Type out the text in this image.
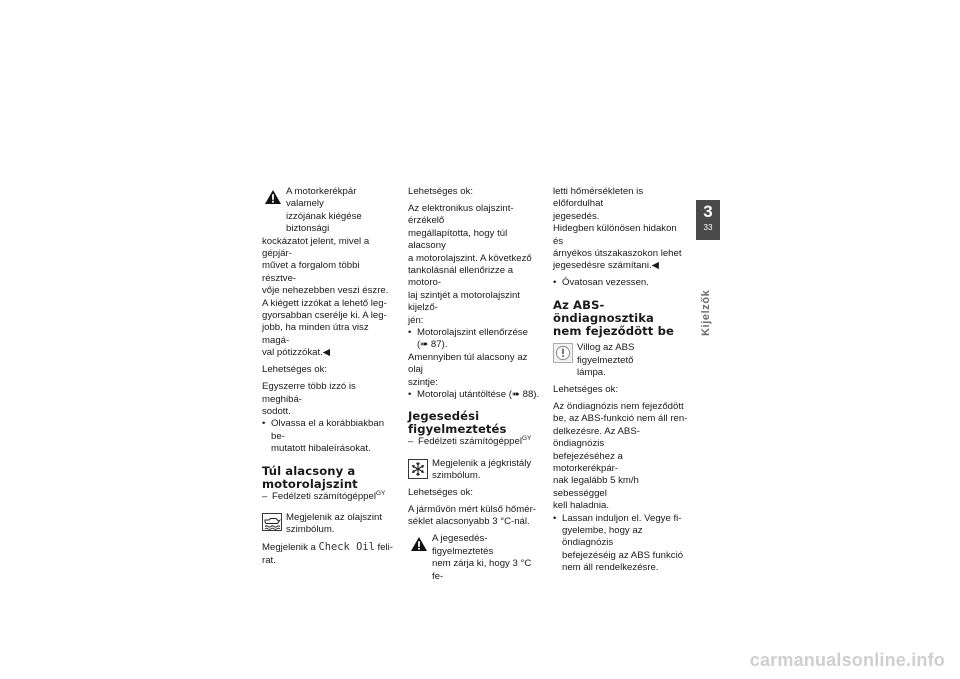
A motorkerékpár valamely

izzójának kiégése biztonsági

kockázatot jelent, mivel a gépjár-

művet a forgalom többi résztve-

vője nehezebben veszi észre.

A kiégett izzókat a lehető leg-

gyorsabban cserélje ki. A leg-

jobb, ha minden útra visz magá-

val pótizzókat.◀

Lehetséges ok:

Egyszerre több izzó is meghibá-

sodott.

• Olvassa el a korábbiakban be-

mutatott hibaleírásokat.

Túl alacsony a
motorolajszint

– Fedélzeti számítógéppel$^{GY}$

Megjelenik az olajszint

szimbólum.

Megjelenik a Check Oil feli-

rat.

Lehetséges ok:

Az elektronikus olajszint-érzékelő

megállapította, hogy túl alacsony

a motorolajszint. A következő

tankolásnál ellenőrizze a motoro-

laj szintjét a motorolajszint kijelző-

jén:

• Motorolajszint ellenőrzése

(➠ 87).

Amennyiben túl alacsony az olaj

szintje:

• Motorolaj utántöltése (➠ 88).

Jegesedési
figyelmeztetés

– Fedélzeti számítógéppel$^{GY}$

Megjelenik a jégkristály

szimbólum.

Lehetséges ok:

A járművön mért külső hőmér-

séklet alacsonyabb 3 °C-nál.

A jegesedés-figyelmeztetés

nem zárja ki, hogy 3 °C fe-

letti hőmérsékleten is előfordulhat

jegesedés.

Hidegben különösen hidakon és

árnyékos útszakaszokon lehet

jegesedésre számítani.◀

• Óvatosan vezessen.

Az ABS-öndiagnosztika
nem fejeződött be

Villog az ABS figyelmeztető

lámpa.

Lehetséges ok:

Az öndiagnózis nem fejeződött

be, az ABS-funkció nem áll ren-

delkezésre. Az ABS-öndiagnózis

befejezéséhez a motorkerékpár-

nak legalább 5 km/h sebességgel

kell haladnia.

• Lassan induljon el. Vegye fi-

gyelembe, hogy az öndiagnózis

befejezéséig az ABS funkció

nem áll rendelkezésre.

3
33
Kijelzők
carmanualsonline.info
